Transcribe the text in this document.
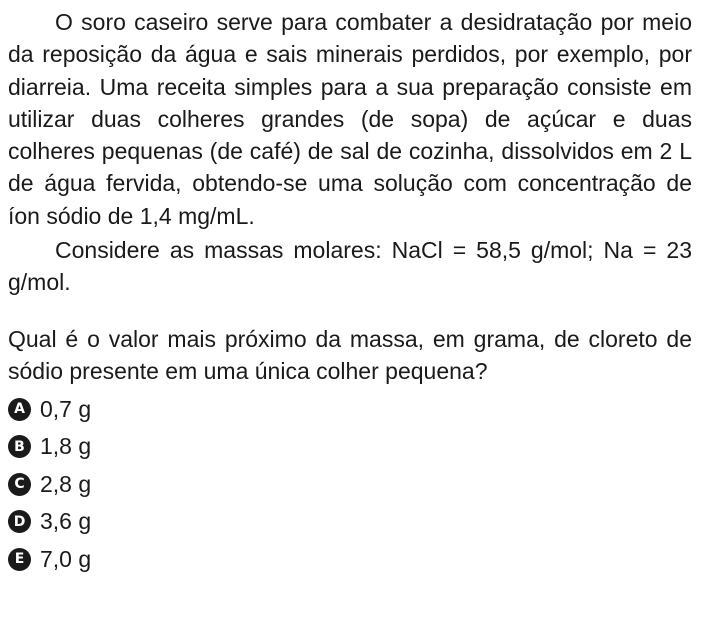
O soro caseiro serve para combater a desidratação por meio da reposição da água e sais minerais perdidos, por exemplo, por diarreia. Uma receita simples para a sua preparação consiste em utilizar duas colheres grandes (de sopa) de açúcar e duas colheres pequenas (de café) de sal de cozinha, dissolvidos em 2 L de água fervida, obtendo-se uma solução com concentração de íon sódio de 1,4 mg/mL.

Considere as massas molares: NaCl = 58,5 g/mol; Na = 23 g/mol.

Qual é o valor mais próximo da massa, em grama, de cloreto de sódio presente em uma única colher pequena?

A 0,7 g
B 1,8 g
C 2,8 g
D 3,6 g
E 7,0 g
